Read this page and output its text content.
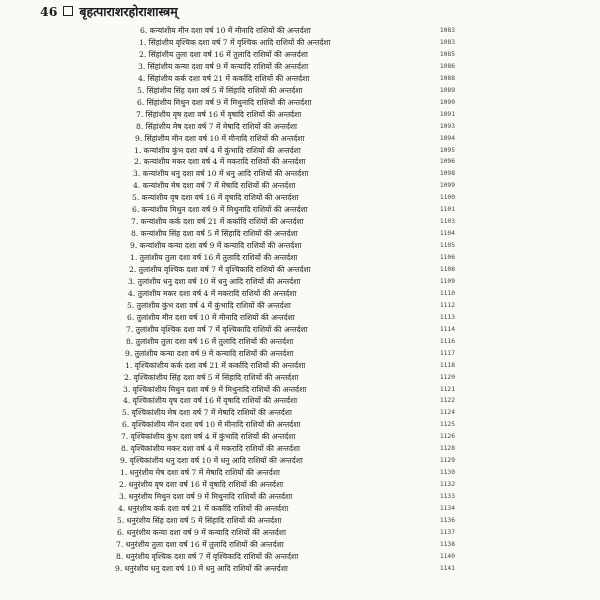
46 बृहत्पाराशरहोराशास्त्रम्
6. कन्यांशीय मीन दशा वर्ष 10 में मीनादि राशियों की अन्तर्दशा	1083
1. सिंहांशीय वृश्चिक दशा वर्ष 7 में वृश्चिक आदि राशियों की अन्तर्दशा	1083
2. सिंहांशीय तुला दशा वर्ष 16 में तुलादि राशियों की अन्तर्दशा	1085
3. सिंहांशीय कन्या दशा वर्ष 9 में कन्यादि राशियों की अन्तर्दशा	1086
4. सिंहांशीय कर्क दशा वर्ष 21 में कर्कादि राशियों की अन्तर्दशा	1088
5. सिंहांशीय सिंह दशा वर्ष 5 में सिंहादि राशियों की अन्तर्दशा	1089
6. सिंहांशीय मिथुन दशा वर्ष 9 में मिथुनादि राशियों की अन्तर्दशा	1090
7. सिंहांशीय वृष दशा वर्ष 16 में वृषादि राशियों की अन्तर्दशा	1091
8. सिंहांशीय मेष दशा वर्ष 7 में मेषादि राशियों की अन्तर्दशा	1093
9. सिंहांशीय मीन दशा वर्ष 10 में मीनादि राशियों की अन्तर्दशा	1094
1. कन्यांशीय कुंभ दशा वर्ष 4 में कुंभादि राशियों की अन्तर्दशा	1095
2. कन्यांशीय मकर दशा वर्ष 4 में मकरादि राशियों की अन्तर्दशा	1096
3. कन्यांशीय धनु दशा वर्ष 10 में धनु आदि राशियों की अन्तर्दशा	1098
4. कन्यांशीय मेष दशा वर्ष 7 में मेषादि राशियों की अन्तर्दशा	1099
5. कन्यांशीय वृष दशा वर्ष 16 में वृषादि राशियों की अन्तर्दशा	1100
6. कन्यांशीय मिथुन दशा वर्ष 9 में मिथुनादि राशियों की अन्तर्दशा	1101
7. कन्यांशीय कर्क दशा वर्ष 21 में कर्कादि राशियों की अन्तर्दशा	1103
8. कन्यांशीय सिंह दशा वर्ष 5 में सिंहादि राशियों की अन्तर्दशा	1104
9. कन्यांशीय कन्या दशा वर्ष 9 में कन्यादि राशियों की अन्तर्दशा	1105
1. तुलांशीय तुला दशा वर्ष 16 में तुलादि राशियों की अन्तर्दशा	1106
2. तुलांशीय वृश्चिक दशा वर्ष 7 में वृश्चिकादि राशियों की अन्तर्दशा	1108
3. तुलांशीय धनु दशा वर्ष 10 में धनु आदि राशियों की अन्तर्दशा	1109
4. तुलांशीय मकर दशा वर्ष 4 में मकरादि राशियों की अन्तर्दशा	1110
5. तुलांशीय कुंभ दशा वर्ष 4 में कुंभादि राशियों की अन्तर्दशा	1112
6. तुलांशीय मीन दशा वर्ष 10 में मीनादि राशियों की अन्तर्दशा	1113
7. तुलांशीय वृश्चिक दशा वर्ष 7 में वृश्चिकादि राशियों की अन्तर्दशा	1114
8. तुलांशीय तुला दशा वर्ष 16 में तुलादि राशियों की अन्तर्दशा	1116
9. तुलांशीय कन्या दशा वर्ष 9 में कन्यादि राशियों की अन्तर्दशा	1117
1. वृश्चिकांशीय कर्क दशा वर्ष 21 में कर्कादि राशियों की अन्तर्दशा	1118
2. वृश्चिकांशीय सिंह दशा वर्ष 5 में सिंहादि राशियों की अन्तर्दशा	1120
3. वृश्चिकांशीय मिथुन दशा वर्ष 9 में मिथुनादि राशियों की अन्तर्दशा	1121
4. वृश्चिकांशीय वृष दशा वर्ष 16 में वृषादि राशियों की अन्तर्दशा	1122
5. वृश्चिकांशीय मेष दशा वर्ष 7 में मेषादि राशियों की अन्तर्दशा	1124
6. वृश्चिकांशीय मीन दशा वर्ष 10 में मीनादि राशियों की अन्तर्दशा	1125
7. वृश्चिकांशीय कुंभ दशा वर्ष 4 में कुंभादि राशियों की अन्तर्दशा	1126
8. वृश्चिकांशीय मकर दशा वर्ष 4 में मकरादि राशियों की अन्तर्दशा	1128
9. वृश्चिकांशीय धनु दशा वर्ष 10 में धनु आदि राशियों की अन्तर्दशा	1129
1. धनुरंशीय मेष दशा वर्ष 7 में मेषादि राशियों की अन्तर्दशा	1130
2. धनुरंशीय वृष दशा वर्ष 16 में वृषादि राशियों की अन्तर्दशा	1132
3. धनुरंशीय मिथुन दशा वर्ष 9 में मिथुनादि राशियों की अन्तर्दशा	1133
4. धनुरंशीय कर्क दशा वर्ष 21 में कर्कादि राशियों की अन्तर्दशा	1134
5. धनुरंशीय सिंह दशा वर्ष 5 में सिंहादि राशियों की अन्तर्दशा	1136
6. धनुरंशीय कन्या दशा वर्ष 9 में कन्यादि राशियों की अन्तर्दशा	1137
7. धनुरंशीय तुला दशा वर्ष 16 में तुलादि राशियों की अन्तर्दशा	1138
8. धनुरंशीय वृश्चिक दशा वर्ष 7 में वृश्चिकादि राशियों की अन्तर्दशा	1140
9. धनुरंशीय धनु दशा वर्ष 10 में धनु आदि राशियों की अन्तर्दशा	1141
